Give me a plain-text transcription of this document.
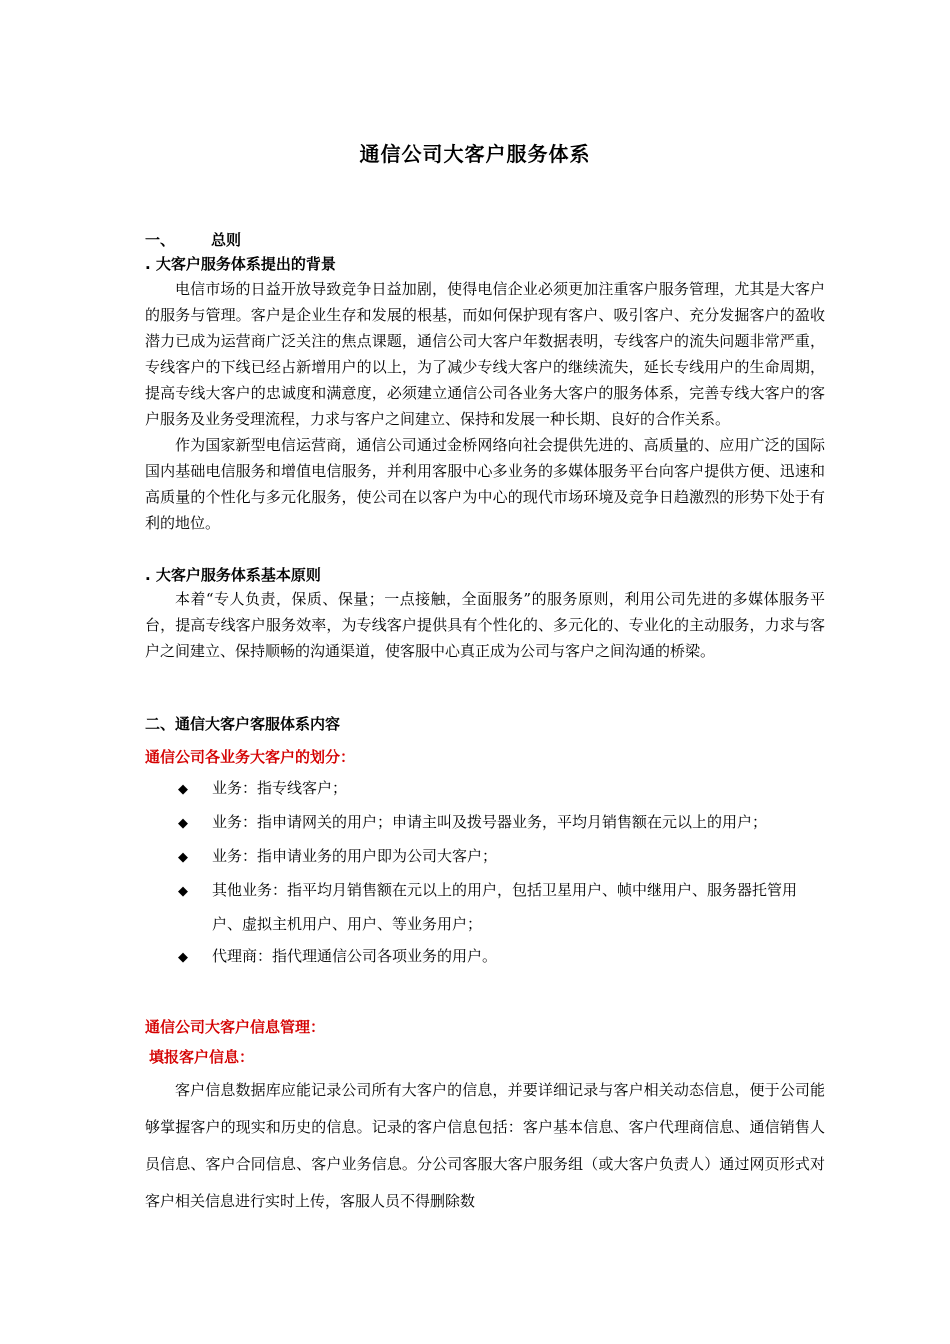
通信公司大客户服务体系
一、 总则
. 大客户服务体系提出的背景

电信市场的日益开放导致竞争日益加剧，使得电信企业必须更加注重客户服务管理，尤其是大客户的服务与管理。客户是企业生存和发展的根基，而如何保护现有客户、吸引客户、充分发掘客户的盈收潜力已成为运营商广泛关注的焦点课题，通信公司大客户年数据表明，专线客户的流失问题非常严重，专线客户的下线已经占新增用户的以上，为了减少专线大客户的继续流失，延长专线用户的生命周期，提高专线大客户的忠诚度和满意度，必须建立通信公司各业务大客户的服务体系，完善专线大客户的客户服务及业务受理流程，力求与客户之间建立、保持和发展一种长期、良好的合作关系。

作为国家新型电信运营商，通信公司通过金桥网络向社会提供先进的、高质量的、应用广泛的国际国内基础电信服务和增值电信服务，并利用客服中心多业务的多媒体服务平台向客户提供方便、迅速和高质量的个性化与多元化服务，使公司在以客户为中心的现代市场环境及竞争日趋激烈的形势下处于有利的地位。

. 大客户服务体系基本原则

本着“专人负责，保质、保量；一点接触，全面服务”的服务原则，利用公司先进的多媒体服务平台，提高专线客户服务效率，为专线客户提供具有个性化的、多元化的、专业化的主动服务，力求与客户之间建立、保持顺畅的沟通渠道，使客服中心真正成为公司与客户之间沟通的桥梁。

二、通信大客户客服体系内容
通信公司各业务大客户的划分：

◆ 业务：指专线客户；

◆ 业务：指申请网关的用户；申请主叫及拨号器业务，平均月销售额在元以上的用户；

◆ 业务：指申请业务的用户即为公司大客户；

◆ 其他业务：指平均月销售额在元以上的用户，包括卫星用户、帧中继用户、服务器托管用户、虚拟主机用户、用户、等业务用户；

◆ 代理商：指代理通信公司各项业务的用户。

通信公司大客户信息管理：
填报客户信息：

客户信息数据库应能记录公司所有大客户的信息，并要详细记录与客户相关动态信息，便于公司能够掌握客户的现实和历史的信息。记录的客户信息包括：客户基本信息、客户代理商信息、通信销售人员信息、客户合同信息、客户业务信息。分公司客服大客户服务组（或大客户负责人）通过网页形式对客户相关信息进行实时上传，客服人员不得删除数
